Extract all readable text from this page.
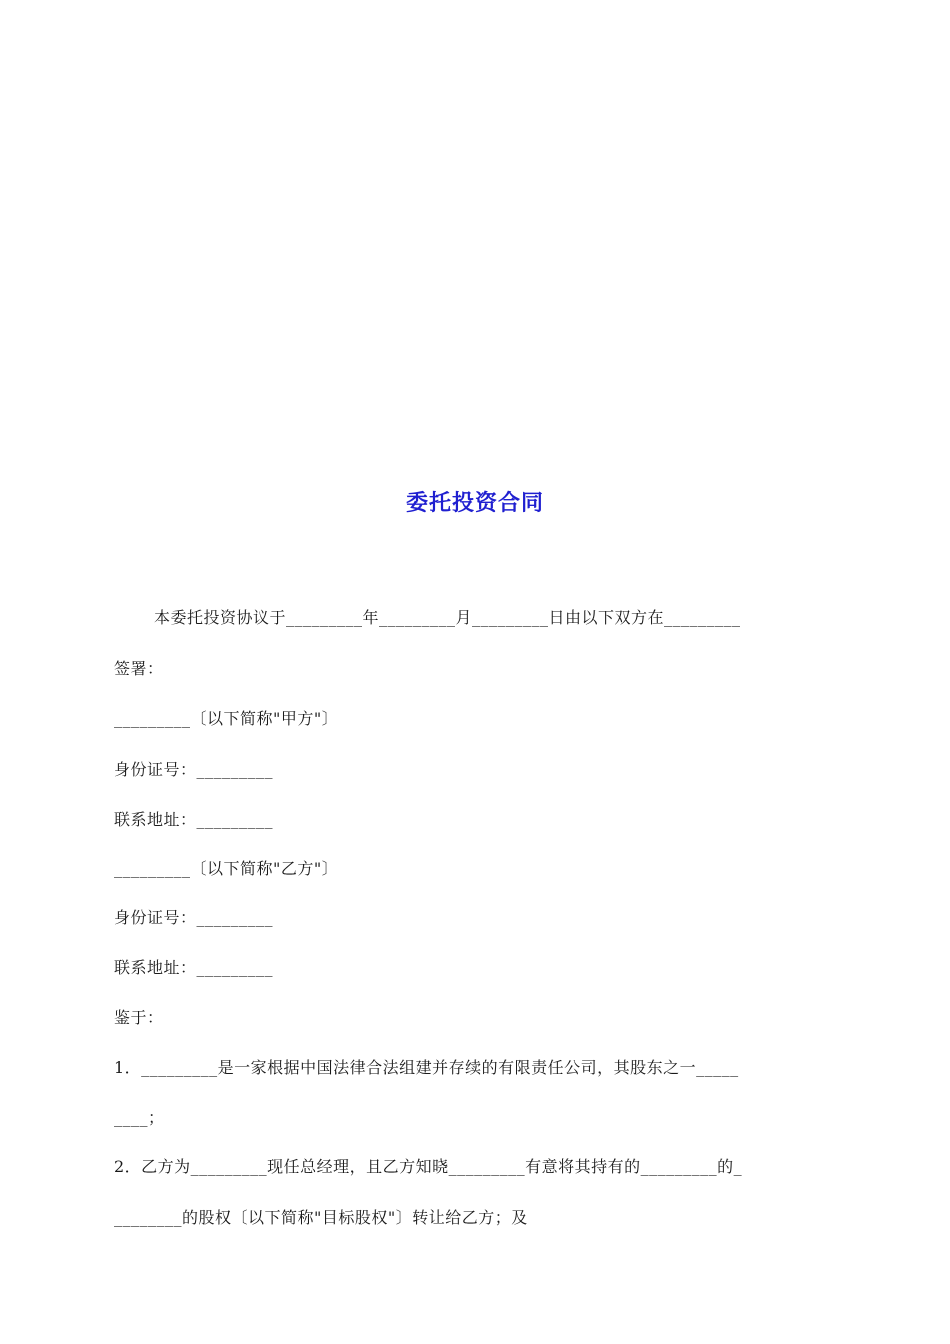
委托投资合同
本委托投资协议于_________年_________月_________日由以下双方在_________
签署：
_________〔以下简称"甲方"〕
身份证号：_________
联系地址：_________
_________〔以下简称"乙方"〕
身份证号：_________
联系地址：_________
鉴于：
1．_________是一家根据中国法律合法组建并存续的有限责任公司，其股东之一_____
____；
2．乙方为_________现任总经理，且乙方知晓_________有意将其持有的_________的_
________的股权〔以下简称"目标股权"〕转让给乙方；及
